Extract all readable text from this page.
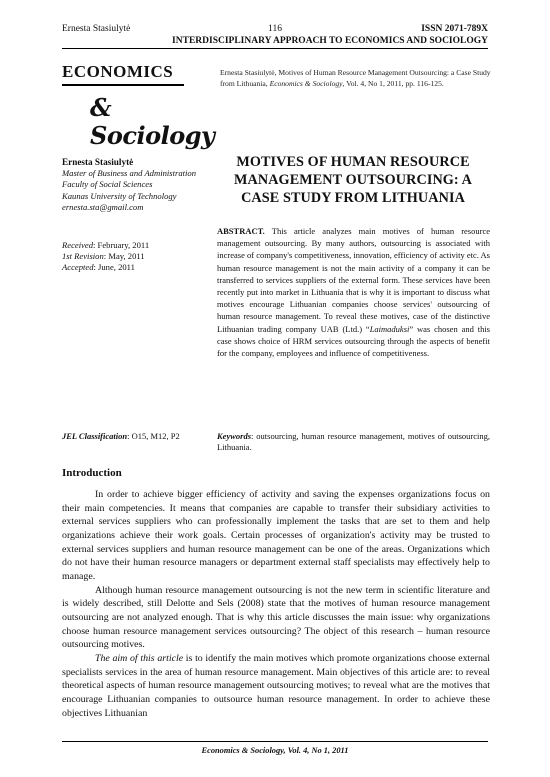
Ernesta Stasiulytė	116	ISSN 2071-789X
INTERDISCIPLINARY APPROACH TO ECONOMICS AND SOCIOLOGY
ECONOMICS
& Sociology
Ernesta Stasiulytė, Motives of Human Resource Management Outsourcing: a Case Study from Lithuania, Economics & Sociology, Vol. 4, No 1, 2011, pp. 116-125.
Ernesta Stasiulytė
Master of Business and Administration
Faculty of Social Sciences
Kaunas University of Technology
ernesta.sta@gmail.com
Received: February, 2011
1st Revision: May, 2011
Accepted: June, 2011
MOTIVES OF HUMAN RESOURCE MANAGEMENT OUTSOURCING: A CASE STUDY FROM LITHUANIA
ABSTRACT. This article analyzes main motives of human resource management outsourcing. By many authors, outsourcing is associated with increase of company's competitiveness, innovation, efficiency of activity etc. As human resource management is not the main activity of a company it can be transferred to services suppliers of the external form. These services have been recently put into market in Lithuania that is why it is important to discuss what motives encourage Lithuanian companies choose services' outsourcing of human resource management. To reveal these motives, case of the distinctive Lithuanian trading company UAB (Ltd.) “Laimaduksi” was chosen and this case shows choice of HRM services outsourcing through the aspects of benefit for the company, employees and influence of competitiveness.
JEL Classification: O15, M12, P2	Keywords: outsourcing, human resource management, motives of outsourcing, Lithuania.
Introduction

In order to achieve bigger efficiency of activity and saving the expenses organizations focus on their main competencies. It means that companies are capable to transfer their subsidiary activities to external services suppliers who can professionally implement the tasks that are set to them and help organizations achieve their work goals. Certain processes of organization's activity may be trusted to external services suppliers and human resource management can be one of the areas. Organizations which do not have their human resource managers or department external staff specialists may effectively help to manage.

Although human resource management outsourcing is not the new term in scientific literature and is widely described, still Delotte and Sels (2008) state that the motives of human resource management outsourcing are not analyzed enough. That is why this article discusses the main issue: why organizations choose human resource management services outsourcing? The object of this research – human resource outsourcing motives.

The aim of this article is to identify the main motives which promote organizations choose external specialists services in the area of human resource management. Main objectives of this article are: to reveal theoretical aspects of human resource management outsourcing motives; to reveal what are the motives that encourage Lithuanian companies to outsource human resource management. In order to achieve these objectives Lithuanian

Economics & Sociology, Vol. 4, No 1, 2011
